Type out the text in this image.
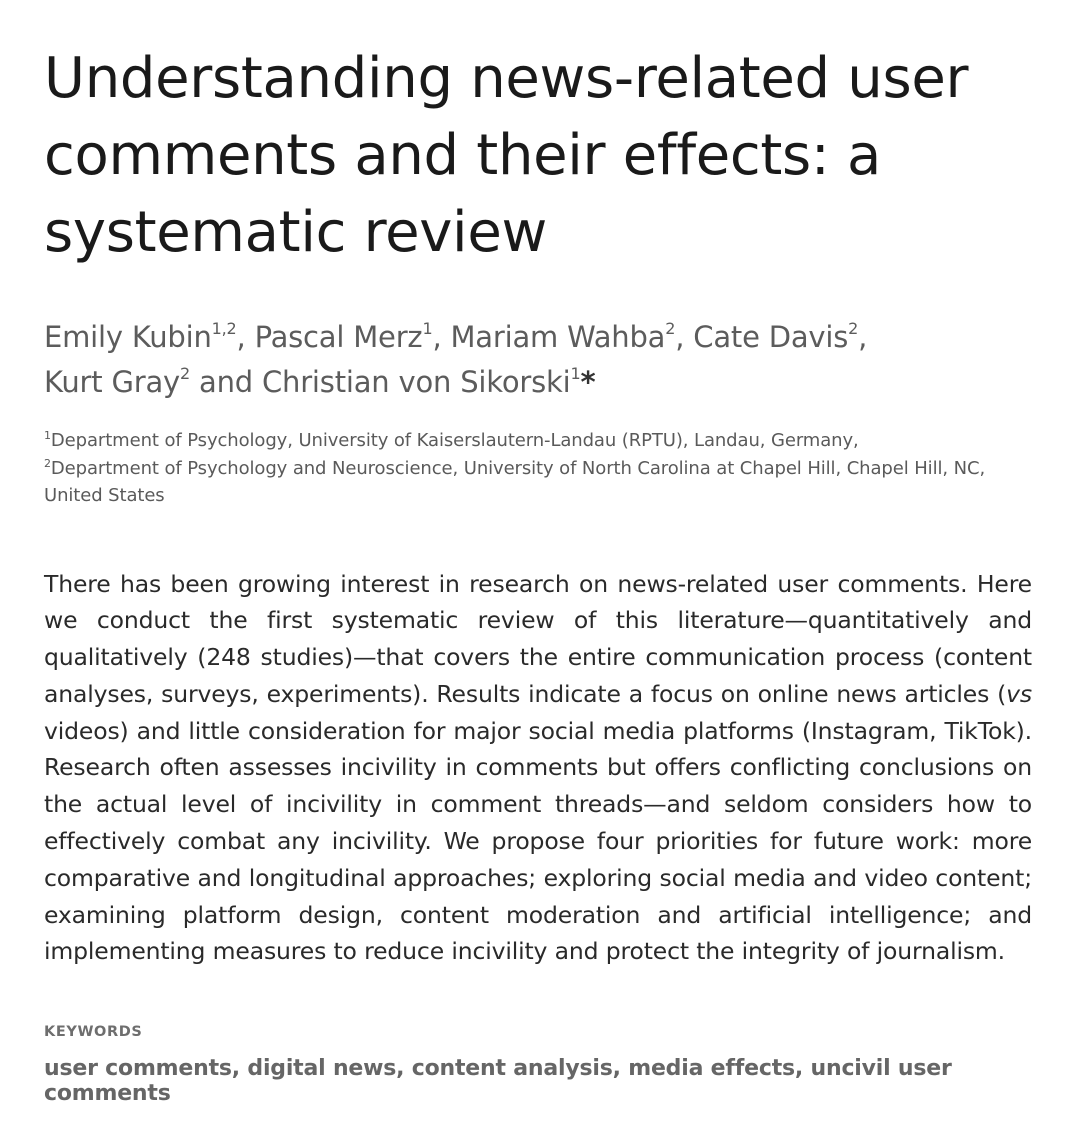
Understanding news-related user comments and their effects: a systematic review
Emily Kubin$^{1,2}$, Pascal Merz$^1$, Mariam Wahba$^2$, Cate Davis$^2$,
Kurt Gray$^2$ and Christian von Sikorski$^1$*
$^1$Department of Psychology, University of Kaiserslautern-Landau (RPTU), Landau, Germany,
$^2$Department of Psychology and Neuroscience, University of North Carolina at Chapel Hill, Chapel Hill, NC, United States
There has been growing interest in research on news-related user comments. Here we conduct the first systematic review of this literature—quantitatively and qualitatively (248 studies)—that covers the entire communication process (content analyses, surveys, experiments). Results indicate a focus on online news articles (vs videos) and little consideration for major social media platforms (Instagram, TikTok). Research often assesses incivility in comments but offers conflicting conclusions on the actual level of incivility in comment threads—and seldom considers how to effectively combat any incivility. We propose four priorities for future work: more comparative and longitudinal approaches; exploring social media and video content; examining platform design, content moderation and artificial intelligence; and implementing measures to reduce incivility and protect the integrity of journalism.
KEYWORDS
user comments, digital news, content analysis, media effects, uncivil user comments
